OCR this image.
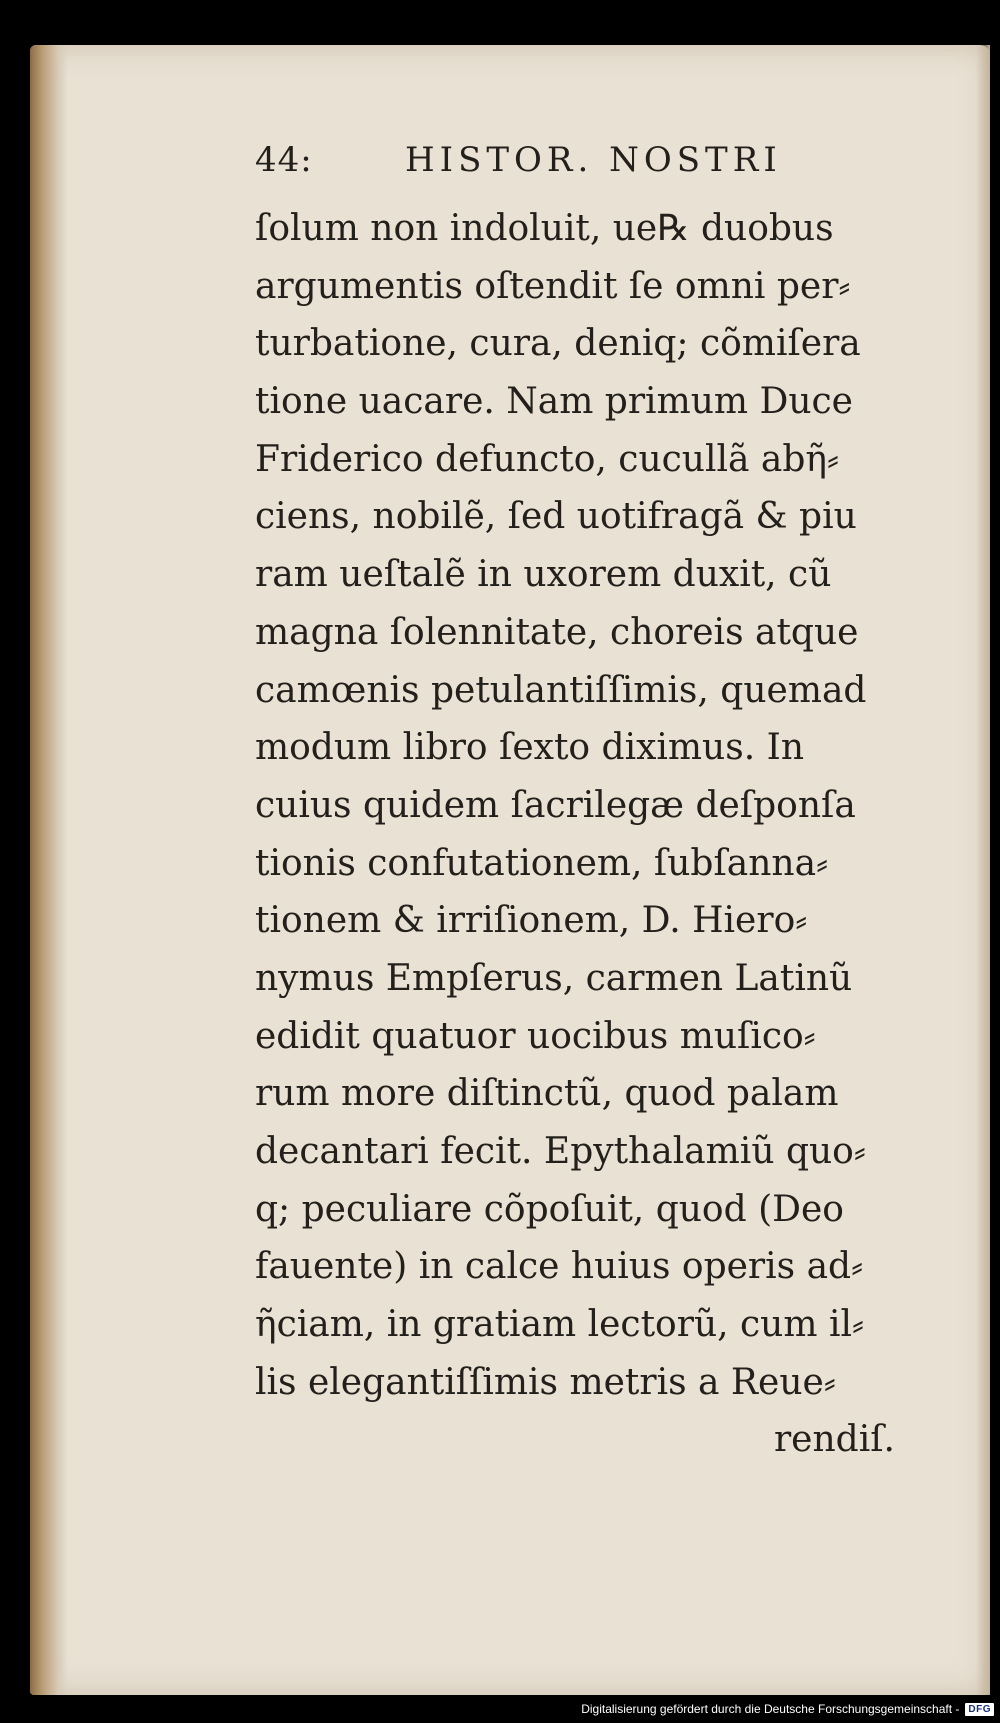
44:	HISTOR. NOSTRI
ſolum non indoluit, ue℞ duobus
argumentis oſtendit ſe omni per⸗
turbatione, cura, deniq; cõmiſera
tione uacare. Nam primum Duce
Friderico defuncto, cucullã abῆ⸗
ciens, nobilẽ, ſed uotifragã & piu
ram ueſtalẽ in uxorem duxit, cũ
magna ſolennitate, choreis atque
camœnis petulantiſſimis, quemad
modum libro ſexto diximus. In
cuius quidem ſacrilegæ deſponſa
tionis confutationem, ſubſanna⸗
tionem & irriſionem, D. Hiero⸗
nymus Empſerus, carmen Latinũ
edidit quatuor uocibus muſico⸗
rum more diſtinctũ, quod palam
decantari fecit. Epythalamiũ quo⸗
q; peculiare cõpoſuit, quod (Deo
fauente) in calce huius operis ad⸗
ῆciam, in gratiam lectorũ, cum il⸗
lis elegantiſſimis metris a Reue⸗
rendiſ.
Digitalisierung gefördert durch die Deutsche Forschungsgemeinschaft - DFG
